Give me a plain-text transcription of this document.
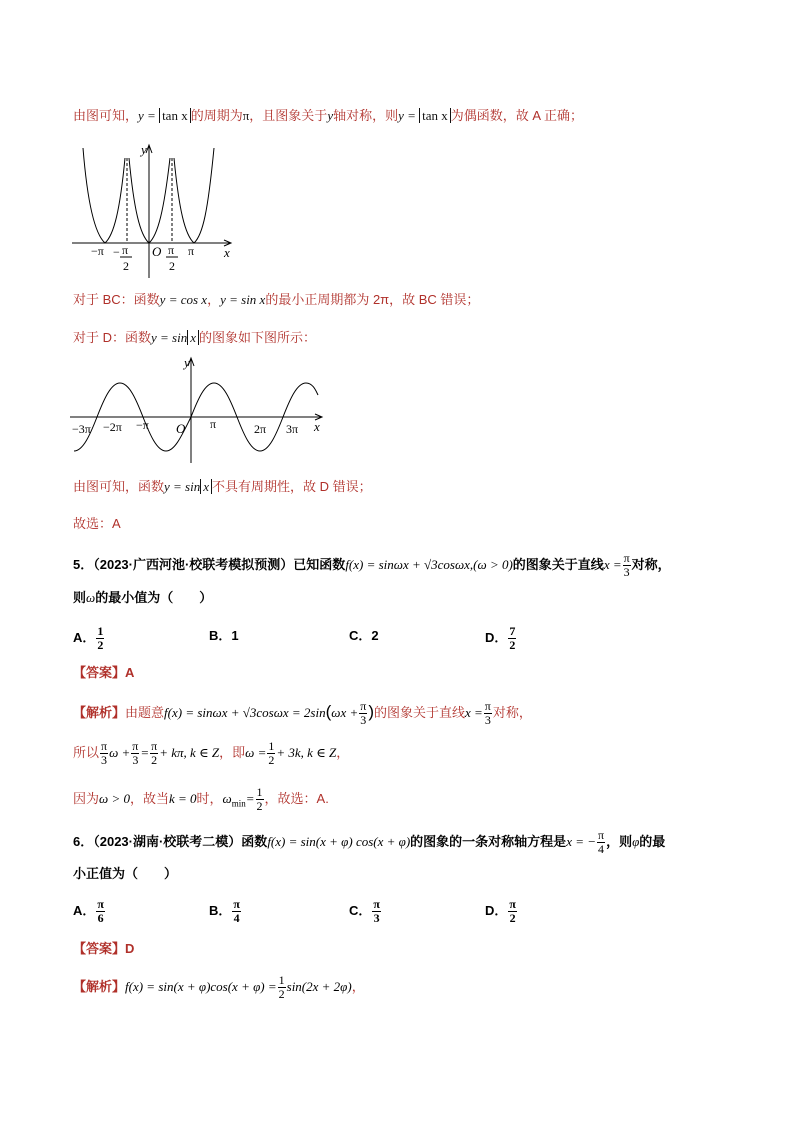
由图可知，y = tan x 的周期为π，且图象关于y轴对称，则y = tan x 为偶函数，故 A 正确；
y
x
O
−π	π
− π
2
π
2
对于 BC：函数y = cos x，y = sin x的最小正周期都为 2π，故 BC 错误；
对于 D：函数y = sin x 的图象如下图所示：
y
x
O
−3π −2π −π	π	2π 3π
由图可知，函数y = sin x 不具有周期性，故 D 错误；
故选：A
5．（2023·广西河池·校联考模拟预测）已知函数f(x) = sinωx + √3cosωx,(ω > 0)的图象关于直线$x = \frac{\pi}{3}$ 对称，
则ω的最小值为（　　）
A． $\frac{1}{2}$	B．1	C．2	D． $\frac{7}{2}$
【答案】A
【解析】由题意$f(x) = \sin\omega x + √3\cos\omega x = 2\sin(\omega x + \frac{\pi}{3}$ )的图象关于直线$x = \frac{\pi}{3}$ 对称，
所以 $\frac{\pi}{3}$ $\omega + \frac{\pi}{3} = \frac{\pi}{2} + k\pi$, k ∈ Z，即$\omega = \frac{1}{2} + 3k$, k ∈ Z，
因为ω > 0，故当k = 0时，$\omega_{min}= \frac{1}{2}$ ，故选：A.
6．（2023·湖南·校联考二模）函数f(x) = sin(x + φ) cos(x + φ)的图象的一条对称轴方程是x = − $\frac{\pi}{4}$ ，则φ的最
小正值为（　　）
A． $\frac{\pi}{6}$	B． $\frac{\pi}{4}$	C． $\frac{\pi}{3}$	D． $\frac{\pi}{2}$
【答案】D
【解析】$f(x) = \sin(x + \varphi)\cos(x + \varphi) = \frac{1}{2} \sin(2x + 2\varphi)$，
